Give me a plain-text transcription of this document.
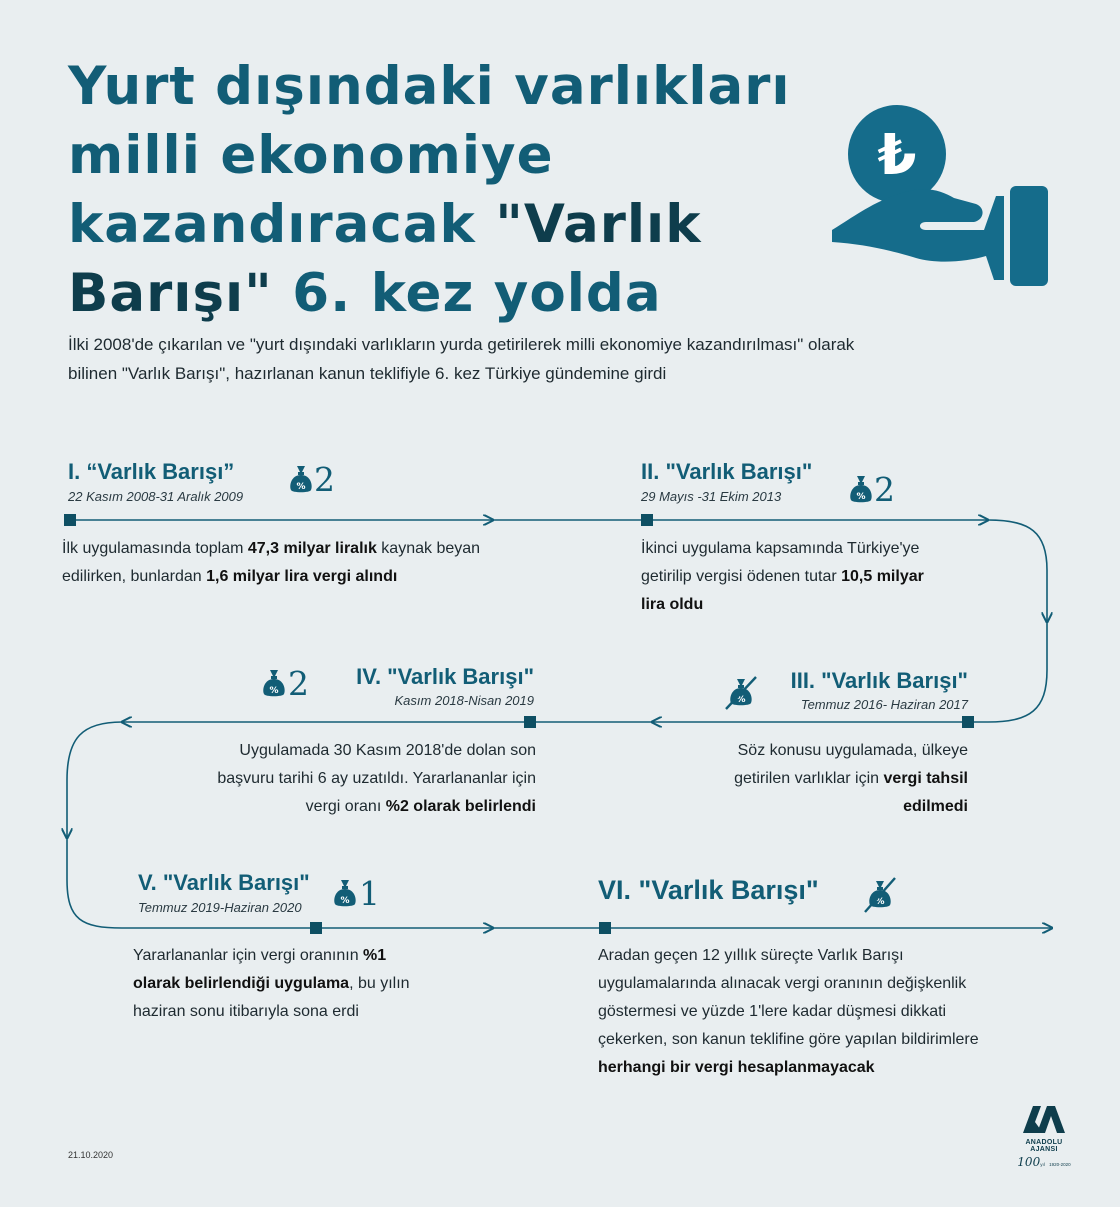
Yurt dışındaki varlıkları
milli ekonomiye
kazandıracak "Varlık
Barışı" 6. kez yolda
₺

İlki 2008'de çıkarılan ve "yurt dışındaki varlıkların yurda getirilerek milli ekonomiye kazandırılması" olarak bilinen "Varlık Barışı", hazırlanan kanun teklifiyle 6. kez Türkiye gündemine girdi

I. “Varlık Barışı”
22 Kasım 2008-31 Aralık 2009 2
İlk uygulamasında toplam 47,3 milyar liralık kaynak beyan edilirken, bunlardan 1,6 milyar lira vergi alındı
II. "Varlık Barışı"
29 Mayıs -31 Ekim 2013	2
İkinci uygulama kapsamında Türkiye'ye getirilip vergisi ödenen tutar 10,5 milyar lira oldu
III. "Varlık Barışı"
Temmuz 2016- Haziran 2017
Söz konusu uygulamada, ülkeye getirilen varlıklar için vergi tahsil edilmedi
2 IV. "Varlık Barışı"
Kasım 2018-Nisan 2019
Uygulamada 30 Kasım 2018'de dolan son başvuru tarihi 6 ay uzatıldı. Yararlananlar için vergi oranı %2 olarak belirlendi
V. "Varlık Barışı"
Temmuz 2019-Haziran 2020 1
Yararlananlar için vergi oranının %1 olarak belirlendiği uygulama, bu yılın haziran sonu itibarıyla sona erdi
VI. "Varlık Barışı"
Aradan geçen 12 yıllık süreçte Varlık Barışı uygulamalarında alınacak vergi oranının değişkenlik göstermesi ve yüzde 1'lere kadar düşmesi dikkati çekerken, son kanun teklifine göre yapılan bildirimlere herhangi bir vergi hesaplanmayacak
21.10.2020
ANADOLU AJANSI
100yıl 1920-2020
